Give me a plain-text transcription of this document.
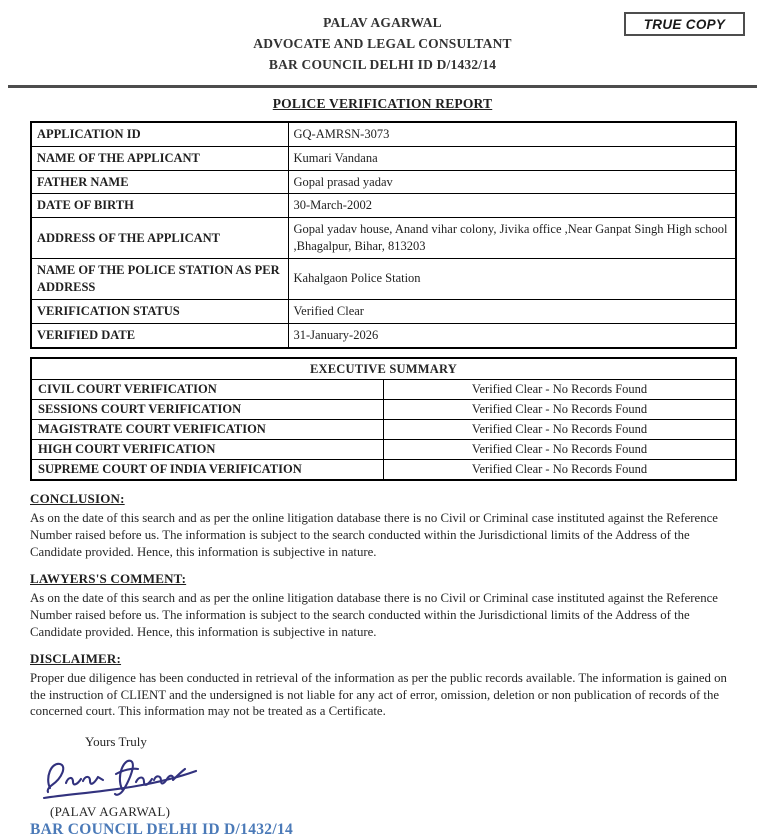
PALAV AGARWAL
ADVOCATE AND LEGAL CONSULTANT
BAR COUNCIL DELHI ID D/1432/14
TRUE COPY
POLICE VERIFICATION REPORT
APPLICATION ID	GQ-AMRSN-3073
NAME OF THE APPLICANT	Kumari Vandana
FATHER NAME	Gopal prasad yadav
DATE OF BIRTH	30-March-2002
ADDRESS OF THE APPLICANT	Gopal yadav house, Anand vihar colony, Jivika office ,Near Ganpat Singh High school ,Bhagalpur, Bihar, 813203
NAME OF THE POLICE STATION AS PER ADDRESS	Kahalgaon Police Station
VERIFICATION STATUS	Verified Clear
VERIFIED DATE	31-January-2026
EXECUTIVE SUMMARY	
CIVIL COURT VERIFICATION	Verified Clear - No Records Found
SESSIONS COURT VERIFICATION	Verified Clear - No Records Found
MAGISTRATE COURT VERIFICATION	Verified Clear - No Records Found
HIGH COURT VERIFICATION	Verified Clear - No Records Found
SUPREME COURT OF INDIA VERIFICATION	Verified Clear - No Records Found
CONCLUSION:
As on the date of this search and as per the online litigation database there is no Civil or Criminal case instituted against the Reference Number raised before us. The information is subject to the search conducted within the Jurisdictional limits of the Address of the Candidate provided. Hence, this information is subjective in nature.
LAWYERS'S COMMENT:
As on the date of this search and as per the online litigation database there is no Civil or Criminal case instituted against the Reference Number raised before us. The information is subject to the search conducted within the Jurisdictional limits of the Address of the Candidate provided. Hence, this information is subjective in nature.
DISCLAIMER:
Proper due diligence has been conducted in retrieval of the information as per the public records available. The information is gained on the instruction of CLIENT and the undersigned is not liable for any act of error, omission, deletion or non publication of records of the concerned court. This information may not be treated as a Certificate.
Yours Truly
(PALAV AGARWAL)
BAR COUNCIL DELHI ID D/1432/14
